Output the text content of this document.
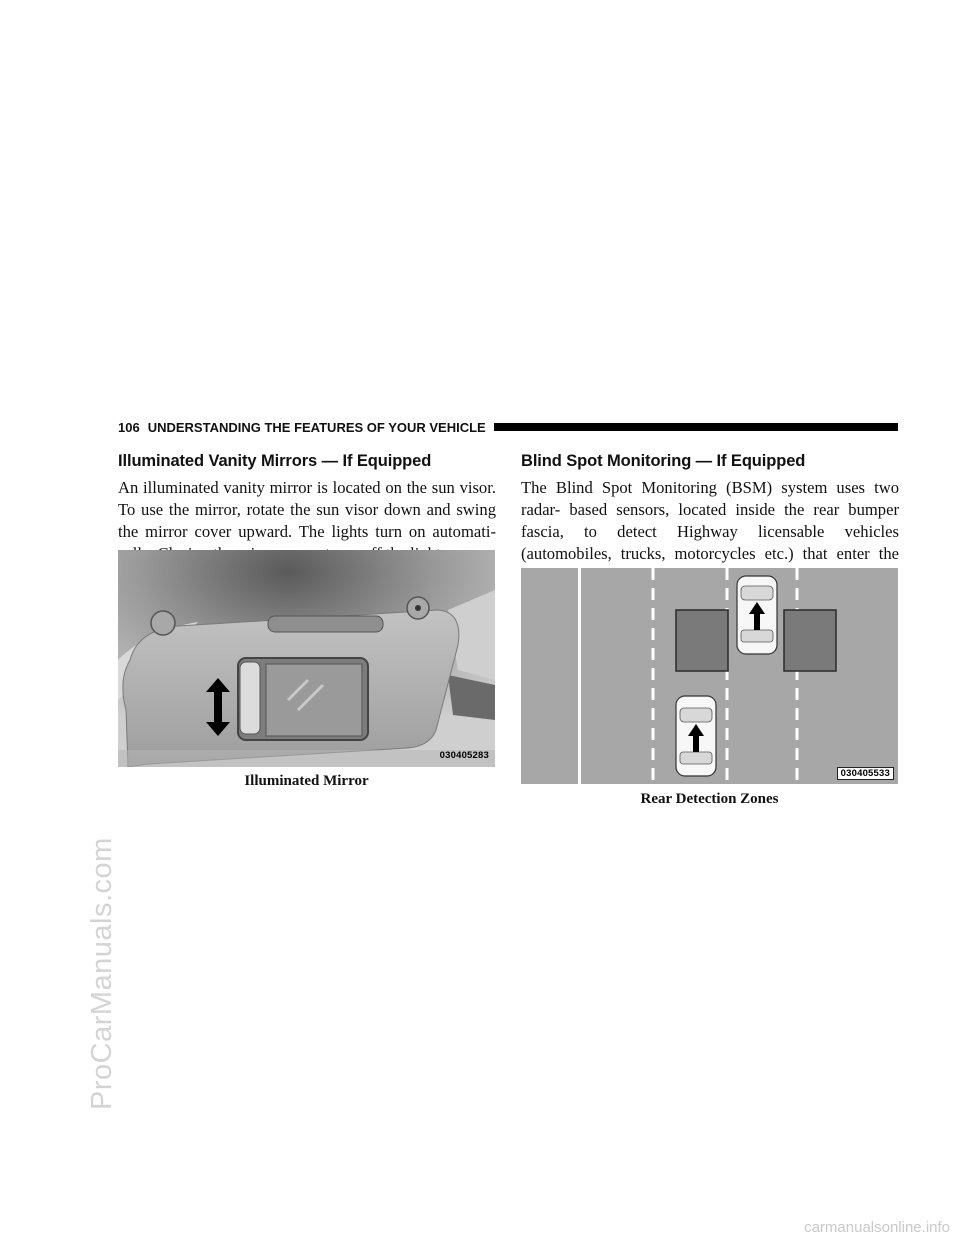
ProCarManuals.com
106 UNDERSTANDING THE FEATURES OF YOUR VEHICLE
Illuminated Vanity Mirrors — If Equipped

An illuminated vanity mirror is located on the sun visor. To use the mirror, rotate the sun visor down and swing the mirror cover upward. The lights turn on automati-

Blind Spot Monitoring — If Equipped

The Blind Spot Monitoring (BSM) system uses two radar- based sensors, located inside the rear bumper fascia, to detect Highway licensable vehicles (automobiles, trucks, motorcycles etc.) that enter the

030405283
Illuminated Mirror	030405533
Rear Detection Zones
carmanualsonline.info
